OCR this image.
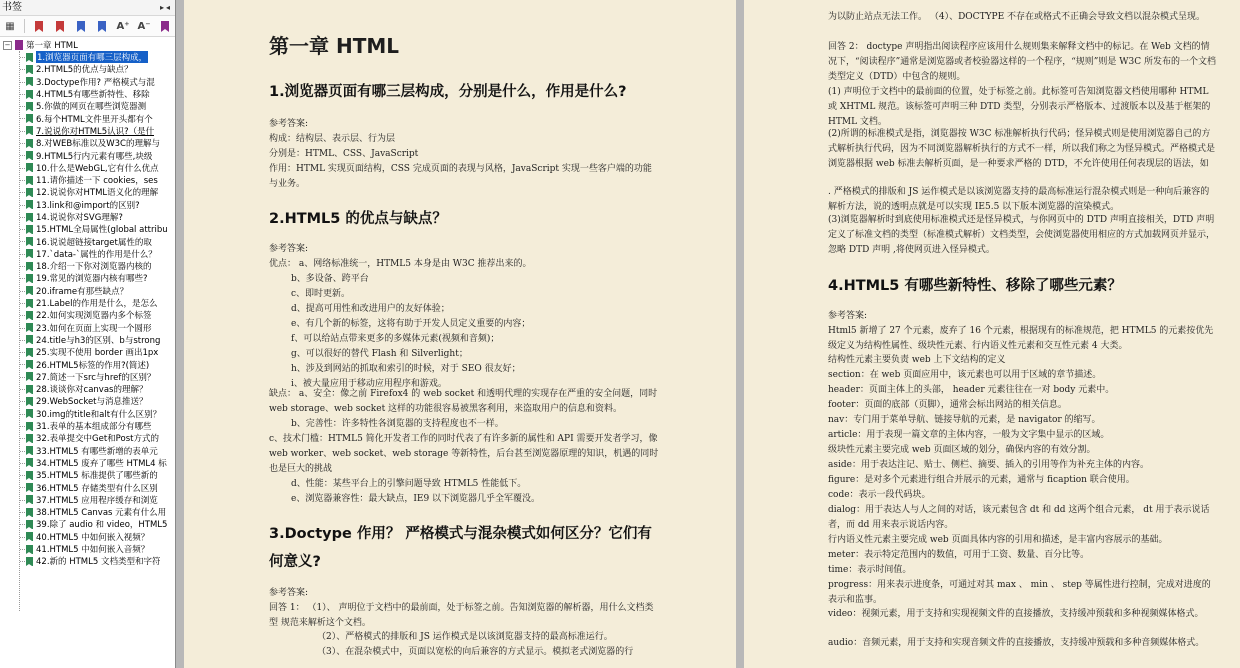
书签	▸◂
▦	A⁺ A⁻
− 第一章 HTML
1.浏览器页面有哪三层构成，
2.HTML5的优点与缺点？
3.Doctype作用? 严格模式与混
4.HTML5有哪些新特性、移除
5.你做的网页在哪些浏览器测
6.每个HTML文件里开头都有个
7.说说你对HTML5认识?（是什
8.对WEB标准以及W3C的理解与
9.HTML5行内元素有哪些,块级
10.什么是WebGL,它有什么优点
11.请你描述一下 cookies，ses
12.说说你对HTML语义化的理解
13.link和@import的区别?
14.说说你对SVG理解?
15.HTML全局属性(global attribu
16.说说超链接target属性的取
17.`data-`属性的作用是什么？
18.介绍一下你对浏览器内核的
19.常见的浏览器内核有哪些?
20.iframe有那些缺点？
21.Label的作用是什么，是怎么
22.如何实现浏览器内多个标签
23.如何在页面上实现一个圆形
24.title与h3的区别、b与strong
25.实现不使用 border 画出1px
26.HTML5标签的作用?(简述)
27.简述一下src与href的区别？
28.谈谈你对canvas的理解？
29.WebSocket与消息推送？
30.img的title和alt有什么区别？
31.表单的基本组成部分有哪些
32.表单提交中Get和Post方式的
33.HTML5 有哪些新增的表单元
34.HTML5 废弃了哪些 HTML4 标
35.HTML5 标准提供了哪些新的
36.HTML5 存储类型有什么区别
37.HTML5 应用程序缓存和浏览
38.HTML5 Canvas 元素有什么用
39.除了 audio 和 video，HTML5
40.HTML5 中如何嵌入视频？
41.HTML5 中如何嵌入音频？
42.新的 HTML5 文档类型和字符
第一章 HTML
1.浏览器页面有哪三层构成，分别是什么，作用是什么?
参考答案:
构成：结构层、表示层、行为层
分别是：HTML、CSS、JavaScript
作用：HTML 实现页面结构，CSS 完成页面的表现与风格，JavaScript 实现一些客户端的功能与业务。
2.HTML5 的优点与缺点？
参考答案:
优点： a、网络标准统一，HTML5 本身是由 W3C 推荐出来的。
b、多设备、跨平台
c、即时更新。
d、提高可用性和改进用户的友好体验；
e、有几个新的标签，这将有助于开发人员定义重要的内容；
f、可以给站点带来更多的多媒体元素(视频和音频)；
g、可以很好的替代 Flash 和 Silverlight；
h、涉及到网站的抓取和索引的时候，对于 SEO 很友好；
i、被大量应用于移动应用程序和游戏。
缺点： a、安全：像之前 Firefox4 的 web socket 和透明代理的实现存在严重的安全问题，同时 web storage、web socket 这样的功能很容易被黑客利用，来盗取用户的信息和资料。
b、完善性：许多特性各浏览器的支持程度也不一样。
c、技术门槛：HTML5 简化开发者工作的同时代表了有许多新的属性和 API 需要开发者学习，像 web worker、web socket、web storage 等新特性，后台甚至浏览器原理的知识，机遇的同时也是巨大的挑战
d、性能：某些平台上的引擎问题导致 HTML5 性能低下。
e、浏览器兼容性：最大缺点，IE9 以下浏览器几乎全军覆没。
3.Doctype 作用？ 严格模式与混杂模式如何区分？它们有何意义?
参考答案:
回答 1： （1）、 声明位于文档中的最前面，处于标签之前。告知浏览器的解析器，用什么文档类型 规范来解析这个文档。
（2）、严格模式的排版和 JS 运作模式是以该浏览器支持的最高标准运行。
（3）、在混杂模式中，页面以宽松的向后兼容的方式显示。模拟老式浏览器的行
为以防止站点无法工作。 （4）、DOCTYPE 不存在或格式不正确会导致文档以混杂模式呈现。
回答 2： doctype 声明指出阅读程序应该用什么规则集来解释文档中的标记。在 Web 文档的情况下，“阅读程序”通常是浏览器或者校验器这样的一个程序，“规则”则是 W3C 所发布的一个文档类型定义（DTD）中包含的规则。
(1) 声明位于文档中的最前面的位置，处于标签之前。此标签可告知浏览器文档使用哪种 HTML 或 XHTML 规范。该标签可声明三种 DTD 类型，分别表示严格版本、过渡版本以及基于框架的 HTML 文档。
(2)所谓的标准模式是指，浏览器按 W3C 标准解析执行代码；怪异模式则是使用浏览器自己的方式解析执行代码，因为不同浏览器解析执行的方式不一样，所以我们称之为怪异模式。严格模式是浏览器根据 web 标准去解析页面，是一种要求严格的 DTD，不允许使用任何表现层的语法，如
. 严格模式的排版和 JS 运作模式是以该浏览器支持的最高标准运行混杂模式则是一种向后兼容的解析方法，说的透明点就是可以实现 IE5.5 以下版本浏览器的渲染模式。
(3)浏览器解析时到底使用标准模式还是怪异模式，与你网页中的 DTD 声明直接相关，DTD 声明定义了标准文档的类型（标准模式解析）文档类型，会使浏览器使用相应的方式加载网页并显示，忽略 DTD 声明 ,将使网页进入怪异模式。
4.HTML5 有哪些新特性、移除了哪些元素？
参考答案:
Html5 新增了 27 个元素，废弃了 16 个元素，根据现有的标准规范，把 HTML5 的元素按优先级定义为结构性属性、级块性元素、行内语义性元素和交互性元素 4 大类。
结构性元素主要负责 web 上下文结构的定义
section：在 web 页面应用中，该元素也可以用于区域的章节描述。
header：页面主体上的头部， header 元素往往在一对 body 元素中。
footer：页面的底部（页脚），通常会标出网站的相关信息。
nav：专门用于菜单导航、链接导航的元素，是 navigator 的缩写。
article：用于表现一篇文章的主体内容，一般为文字集中显示的区域。
级块性元素主要完成 web 页面区域的划分，确保内容的有效分割。
aside：用于表达注记、贴士、侧栏、摘要、插入的引用等作为补充主体的内容。
figure：是对多个元素进行组合并展示的元素，通常与 ficaption 联合使用。
code：表示一段代码块。
dialog：用于表达人与人之间的对话，该元素包含 dt 和 dd 这两个组合元素， dt 用于表示说话者，而 dd 用来表示说话内容。
行内语义性元素主要完成 web 页面具体内容的引用和描述，是丰富内容展示的基础。
meter：表示特定范围内的数值，可用于工资、数量、百分比等。
time：表示时间值。
progress：用来表示进度条，可通过对其 max 、 min 、 step 等属性进行控制，完成对进度的表示和监事。
video：视频元素，用于支持和实现视频文件的直接播放，支持缓冲预载和多种视频媒体格式。
audio：音频元素，用于支持和实现音频文件的直接播放，支持缓冲预载和多种音频媒体格式。
